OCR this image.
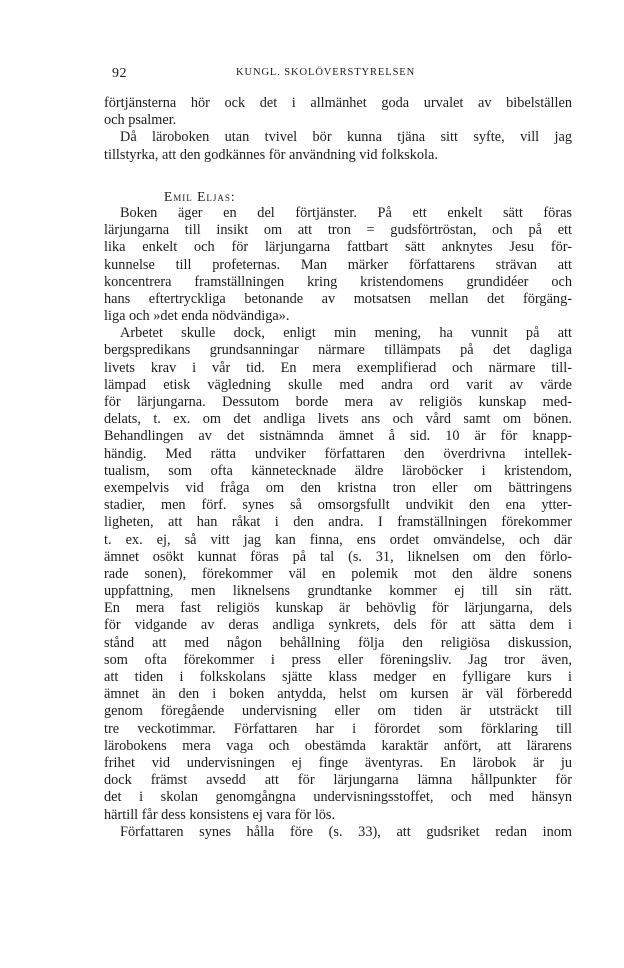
92	KUNGL. SKOLÖVERSTYRELSEN
förtjänsterna hör ock det i allmänhet goda urvalet av bibelställen
och psalmer.
Då läroboken utan tvivel bör kunna tjäna sitt syfte, vill jag
tillstyrka, att den godkännes för användning vid folkskola.
Emil Eljas:
Boken äger en del förtjänster. På ett enkelt sätt föras
lärjungarna till insikt om att tron = gudsförtröstan, och på ett
lika enkelt och för lärjungarna fattbart sätt anknytes Jesu för-
kunnelse till profeternas. Man märker författarens strävan att
koncentrera framställningen kring kristendomens grundidéer och
hans eftertryckliga betonande av motsatsen mellan det förgäng-
liga och »det enda nödvändiga».
Arbetet skulle dock, enligt min mening, ha vunnit på att
bergspredikans grundsanningar närmare tillämpats på det dagliga
livets krav i vår tid. En mera exemplifierad och närmare till-
lämpad etisk vägledning skulle med andra ord varit av värde
för lärjungarna. Dessutom borde mera av religiös kunskap med-
delats, t. ex. om det andliga livets ans och vård samt om bönen.
Behandlingen av det sistnämnda ämnet å sid. 10 är för knapp-
händig. Med rätta undviker författaren den överdrivna intellek-
tualism, som ofta kännetecknade äldre läroböcker i kristendom,
exempelvis vid fråga om den kristna tron eller om bättringens
stadier, men förf. synes så omsorgsfullt undvikit den ena ytter-
ligheten, att han råkat i den andra. I framställningen förekommer
t. ex. ej, så vitt jag kan finna, ens ordet omvändelse, och där
ämnet osökt kunnat föras på tal (s. 31, liknelsen om den förlo-
rade sonen), förekommer väl en polemik mot den äldre sonens
uppfattning, men liknelsens grundtanke kommer ej till sin rätt.
En mera fast religiös kunskap är behövlig för lärjungarna, dels
för vidgande av deras andliga synkrets, dels för att sätta dem i
stånd att med någon behållning följa den religiösa diskussion,
som ofta förekommer i press eller föreningsliv. Jag tror även,
att tiden i folkskolans sjätte klass medger en fylligare kurs i
ämnet än den i boken antydda, helst om kursen är väl förberedd
genom föregående undervisning eller om tiden är utsträckt till
tre veckotimmar. Författaren har i förordet som förklaring till
lärobokens mera vaga och obestämda karaktär anfört, att lärarens
frihet vid undervisningen ej finge äventyras. En lärobok är ju
dock främst avsedd att för lärjungarna lämna hållpunkter för
det i skolan genomgångna undervisningsstoffet, och med hänsyn
härtill får dess konsistens ej vara för lös.
Författaren synes hålla före (s. 33), att gudsriket redan inom
